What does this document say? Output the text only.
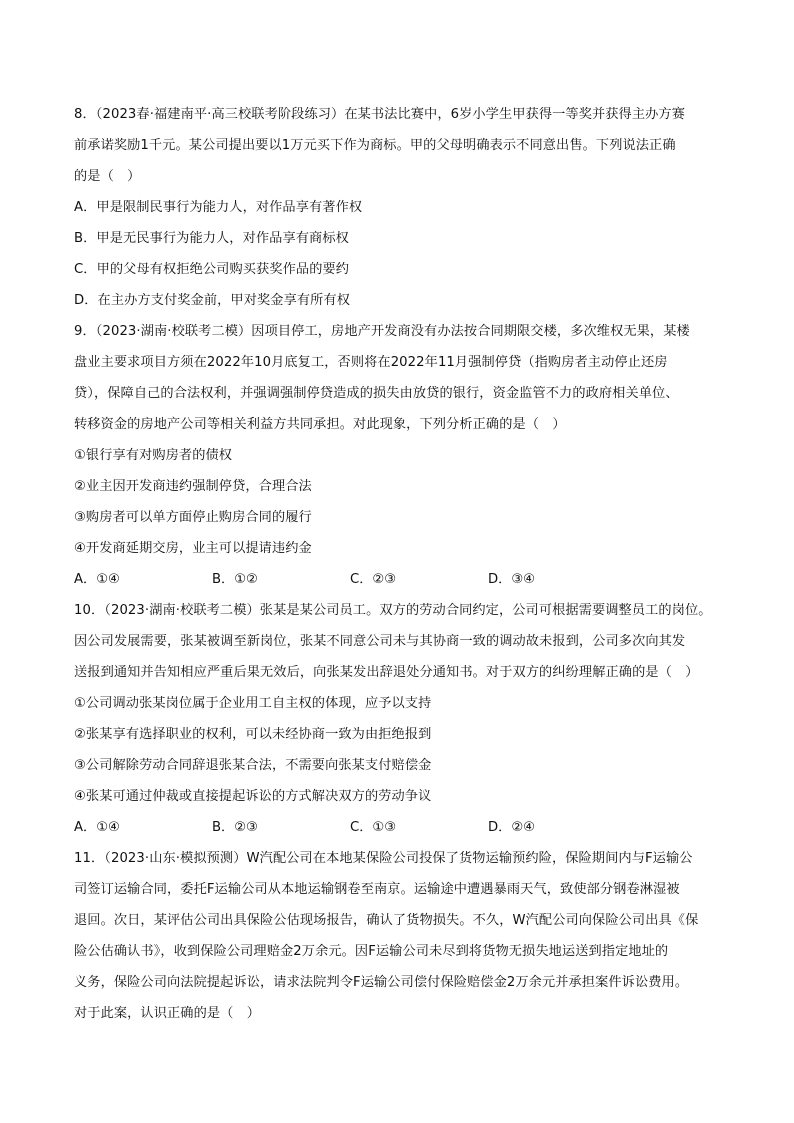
8．（2023春·福建南平·高三校联考阶段练习）在某书法比赛中，6岁小学生甲获得一等奖并获得主办方赛
前承诺奖励1千元。某公司提出要以1万元买下作为商标。甲的父母明确表示不同意出售。下列说法正确
的是（　）
A．甲是限制民事行为能力人，对作品享有著作权
B．甲是无民事行为能力人，对作品享有商标权
C．甲的父母有权拒绝公司购买获奖作品的要约
D．在主办方支付奖金前，甲对奖金享有所有权
9．（2023·湖南·校联考二模）因项目停工，房地产开发商没有办法按合同期限交楼，多次维权无果，某楼
盘业主要求项目方须在2022年10月底复工，否则将在2022年11月强制停贷（指购房者主动停止还房
贷），保障自己的合法权利，并强调强制停贷造成的损失由放贷的银行，资金监管不力的政府相关单位、
转移资金的房地产公司等相关利益方共同承担。对此现象，下列分析正确的是（　）
①银行享有对购房者的债权
②业主因开发商违约强制停贷，合理合法
③购房者可以单方面停止购房合同的履行
④开发商延期交房，业主可以提请违约金
A．①④	B．①②	C．②③	D．③④
10．（2023·湖南·校联考二模）张某是某公司员工。双方的劳动合同约定，公司可根据需要调整员工的岗位。
因公司发展需要，张某被调至新岗位，张某不同意公司未与其协商一致的调动故未报到，公司多次向其发
送报到通知并告知相应严重后果无效后，向张某发出辞退处分通知书。对于双方的纠纷理解正确的是（　）
①公司调动张某岗位属于企业用工自主权的体现，应予以支持
②张某享有选择职业的权利，可以未经协商一致为由拒绝报到
③公司解除劳动合同辞退张某合法，不需要向张某支付赔偿金
④张某可通过仲裁或直接提起诉讼的方式解决双方的劳动争议
A．①④	B．②③	C．①③	D．②④
11．（2023·山东·模拟预测）W汽配公司在本地某保险公司投保了货物运输预约险，保险期间内与F运输公
司签订运输合同，委托F运输公司从本地运输钢卷至南京。运输途中遭遇暴雨天气，致使部分钢卷淋湿被
退回。次日，某评估公司出具保险公估现场报告，确认了货物损失。不久，W汽配公司向保险公司出具《保
险公估确认书》，收到保险公司理赔金2万余元。因F运输公司未尽到将货物无损失地运送到指定地址的
义务，保险公司向法院提起诉讼，请求法院判令F运输公司偿付保险赔偿金2万余元并承担案件诉讼费用。
对于此案，认识正确的是（　）
